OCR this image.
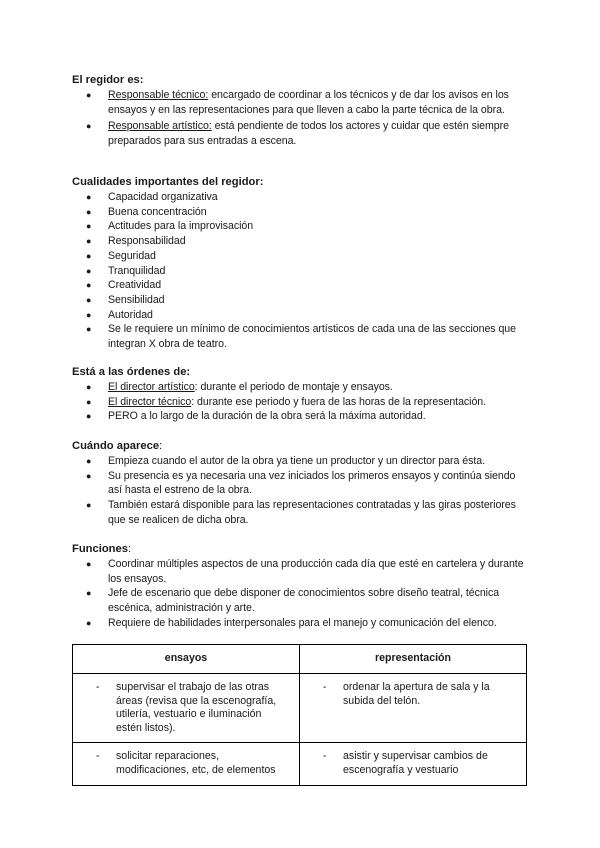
El regidor es:
● Responsable técnico: encargado de coordinar a los técnicos y de dar los avisos en los ensayos y en las representaciones para que lleven a cabo la parte técnica de la obra.
● Responsable artístico: está pendiente de todos los actores y cuidar que estén siempre preparados para sus entradas a escena.
Cualidades importantes del regidor:
● Capacidad organizativa
● Buena concentración
● Actitudes para la improvisación
● Responsabilidad
● Seguridad
● Tranquilidad
● Creatividad
● Sensibilidad
● Autoridad
● Se le requiere un mínimo de conocimientos artísticos de cada una de las secciones que integran X obra de teatro.
Está a las órdenes de:
● El director artístico: durante el periodo de montaje y ensayos.
● El director técnico: durante ese periodo y fuera de las horas de la representación.
● PERO a lo largo de la duración de la obra será la máxima autoridad.
Cuándo aparece:
● Empieza cuando el autor de la obra ya tiene un productor y un director para ésta.
● Su presencia es ya necesaria una vez iniciados los primeros ensayos y continúa siendo así hasta el estreno de la obra.
● También estará disponible para las representaciones contratadas y las giras posteriores que se realicen de dicha obra.
Funciones:
● Coordinar múltiples aspectos de una producción cada día que esté en cartelera y durante los ensayos.
● Jefe de escenario que debe disponer de conocimientos sobre diseño teatral, técnica escénica, administración y arte.
● Requiere de habilidades interpersonales para el manejo y comunicación del elenco.
ensayos	representación

- supervisar el trabajo de las otras áreas (revisa que la escenografía, utilería, vestuario e iluminación estén listos).	- ordenar la apertura de sala y la subida del telón.

- solicitar reparaciones, modificaciones, etc, de elementos	- asistir y supervisar cambios de escenografía y vestuario
